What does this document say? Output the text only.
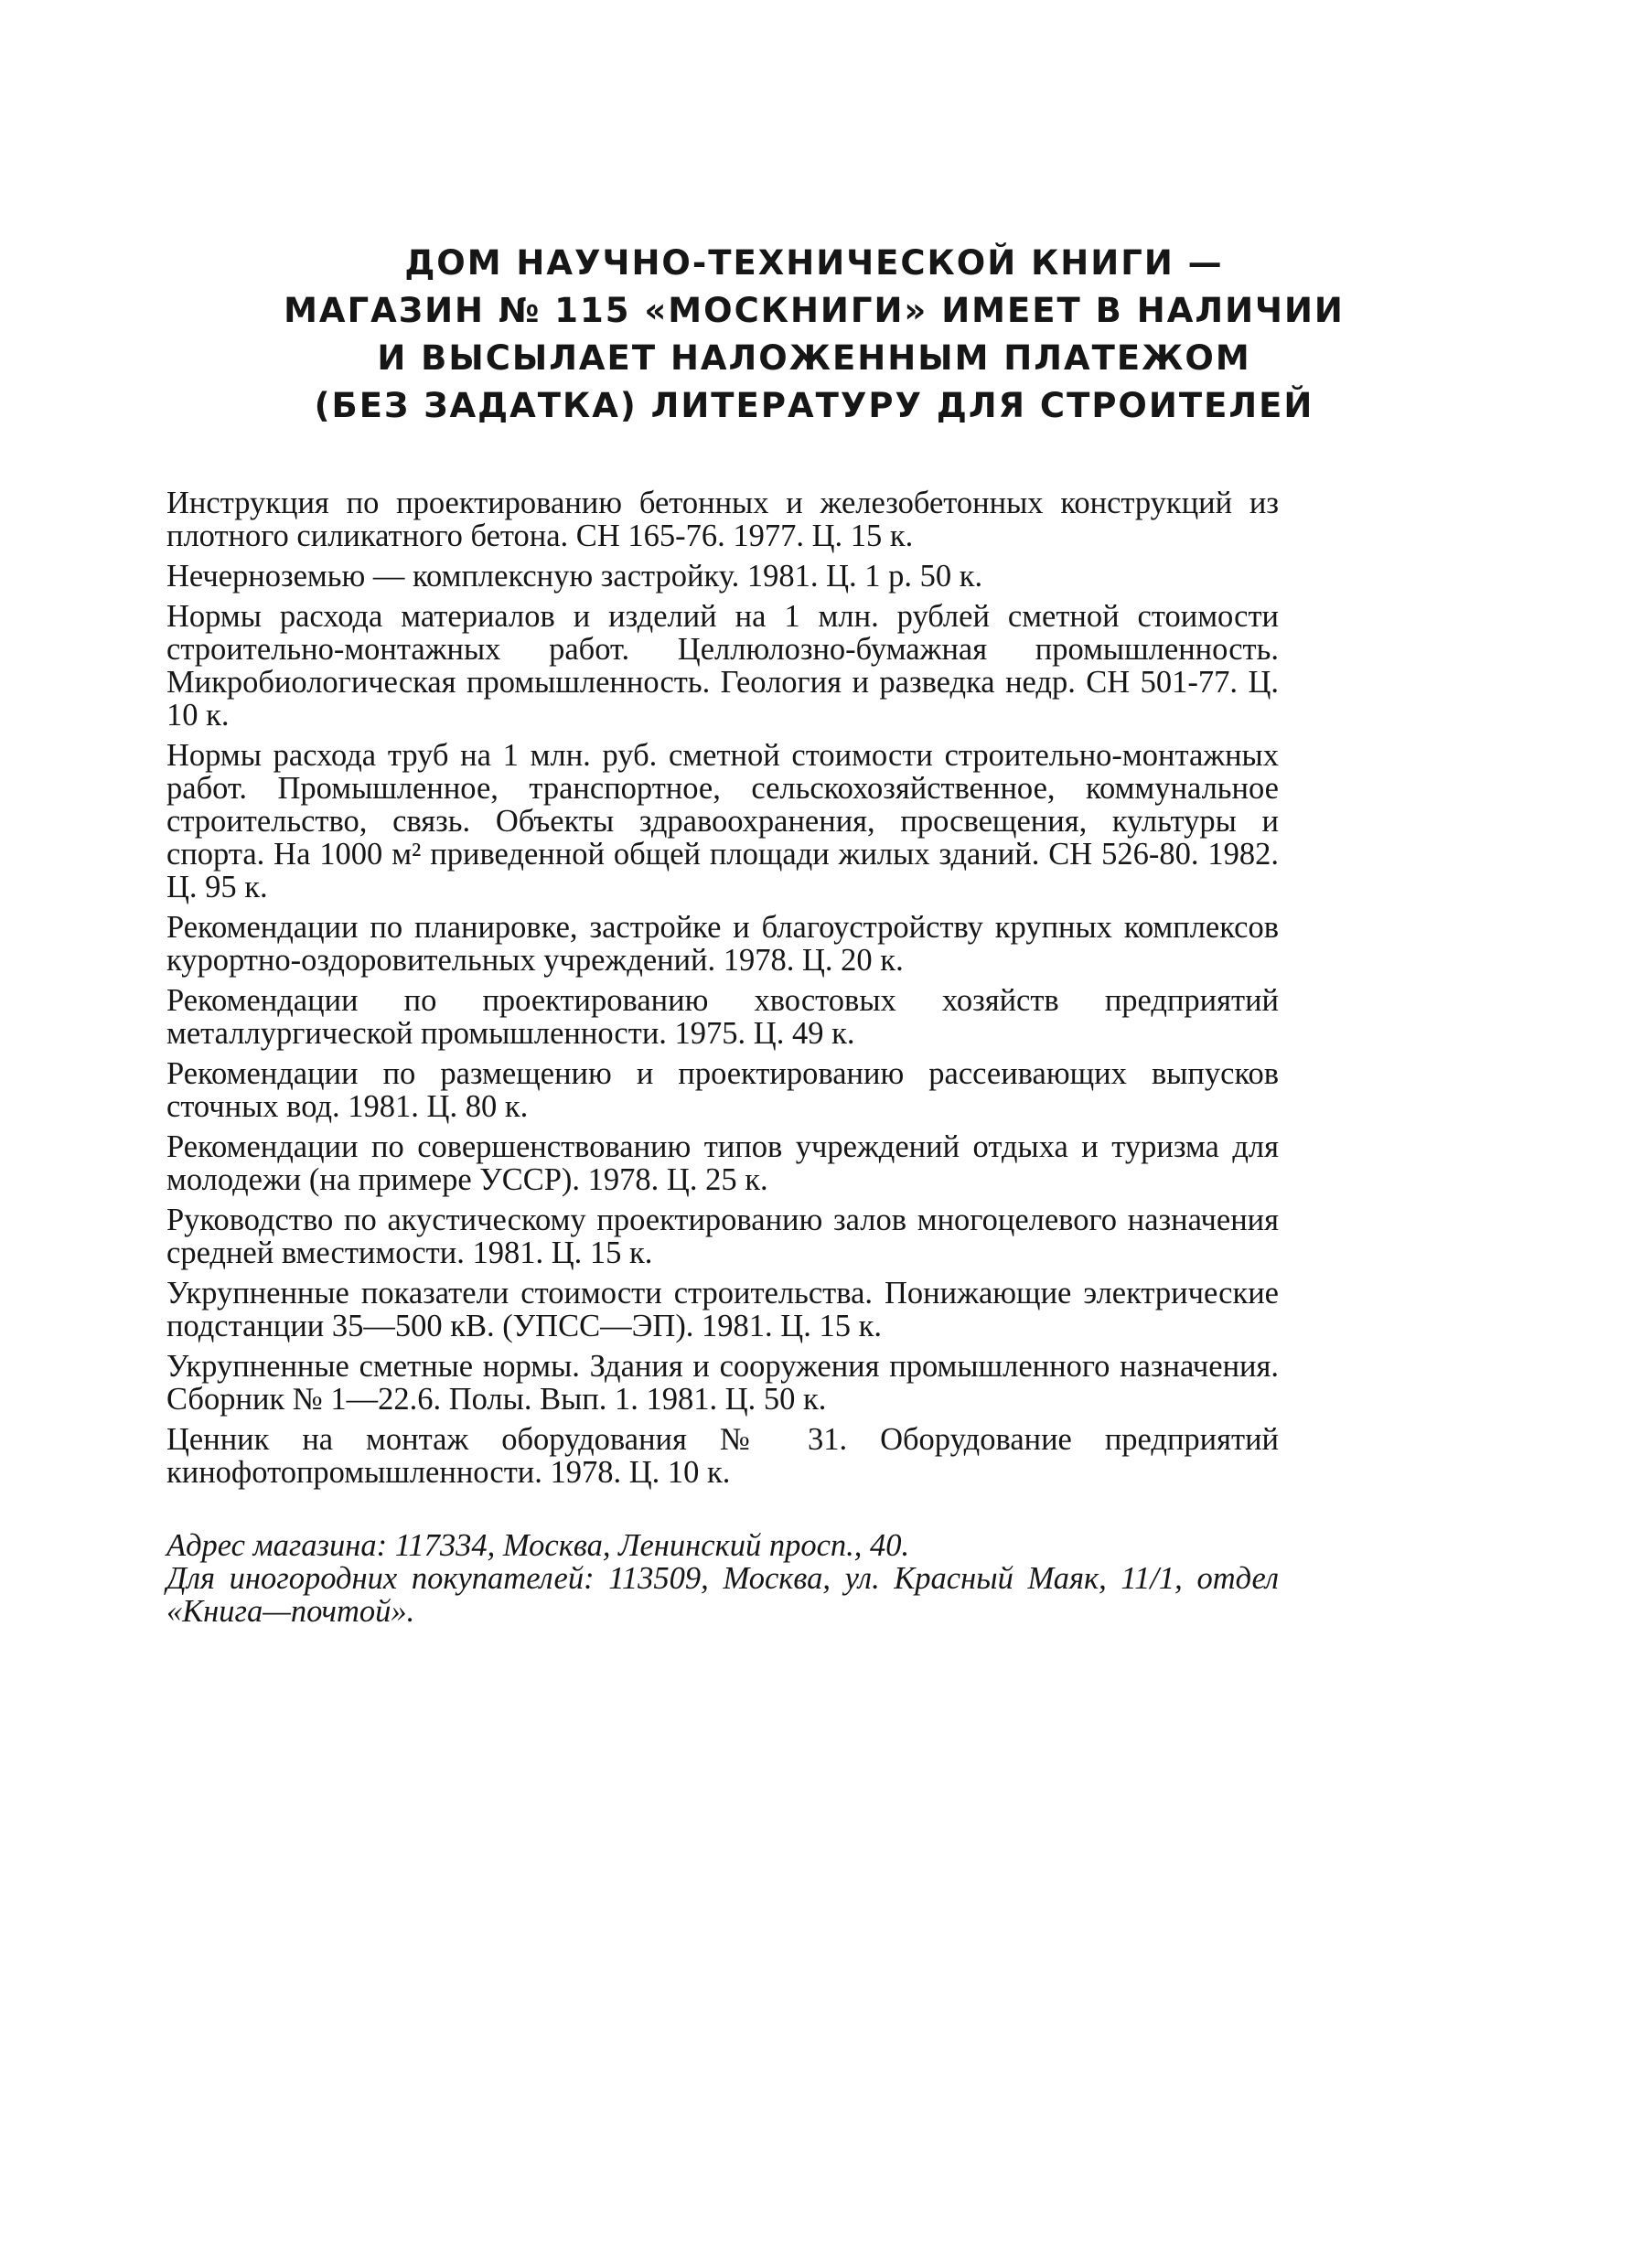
ДОМ НАУЧНО-ТЕХНИЧЕСКОЙ КНИГИ —
МАГАЗИН № 115 «МОСКНИГИ» ИМЕЕТ В НАЛИЧИИ
И ВЫСЫЛАЕТ НАЛОЖЕННЫМ ПЛАТЕЖОМ
(БЕЗ ЗАДАТКА) ЛИТЕРАТУРУ ДЛЯ СТРОИТЕЛЕЙ

Инструкция по проектированию бетонных и железобетонных конструкций из плотного силикатного бетона. СН 165-76. 1977. Ц. 15 к.

Нечерноземью — комплексную застройку. 1981. Ц. 1 р. 50 к.

Нормы расхода материалов и изделий на 1 млн. рублей сметной стоимости строительно-монтажных работ. Целлюлозно-бумажная промышленность. Микробиологическая промышленность. Геология и разведка недр. СН 501-77. Ц. 10 к.

Нормы расхода труб на 1 млн. руб. сметной стоимости строительно-монтажных работ. Промышленное, транспортное, сельскохозяйственное, коммунальное строительство, связь. Объекты здравоохранения, просвещения, культуры и спорта. На 1000 м² приведенной общей площади жилых зданий. СН 526-80. 1982. Ц. 95 к.

Рекомендации по планировке, застройке и благоустройству крупных комплексов курортно-оздоровительных учреждений. 1978. Ц. 20 к.

Рекомендации по проектированию хвостовых хозяйств предприятий металлургической промышленности. 1975. Ц. 49 к.

Рекомендации по размещению и проектированию рассеивающих выпусков сточных вод. 1981. Ц. 80 к.

Рекомендации по совершенствованию типов учреждений отдыха и туризма для молодежи (на примере УССР). 1978. Ц. 25 к.

Руководство по акустическому проектированию залов многоцелевого назначения средней вместимости. 1981. Ц. 15 к.

Укрупненные показатели стоимости строительства. Понижающие электрические подстанции 35—500 кВ. (УПСС—ЭП). 1981. Ц. 15 к.

Укрупненные сметные нормы. Здания и сооружения промышленного назначения. Сборник № 1—22.6. Полы. Вып. 1. 1981. Ц. 50 к.

Ценник на монтаж оборудования № 31. Оборудование предприятий кинофотопромышленности. 1978. Ц. 10 к.

Адрес магазина: 117334, Москва, Ленинский просп., 40.

Для иногородних покупателей: 113509, Москва, ул. Красный Маяк, 11/1, отдел «Книга—почтой».
